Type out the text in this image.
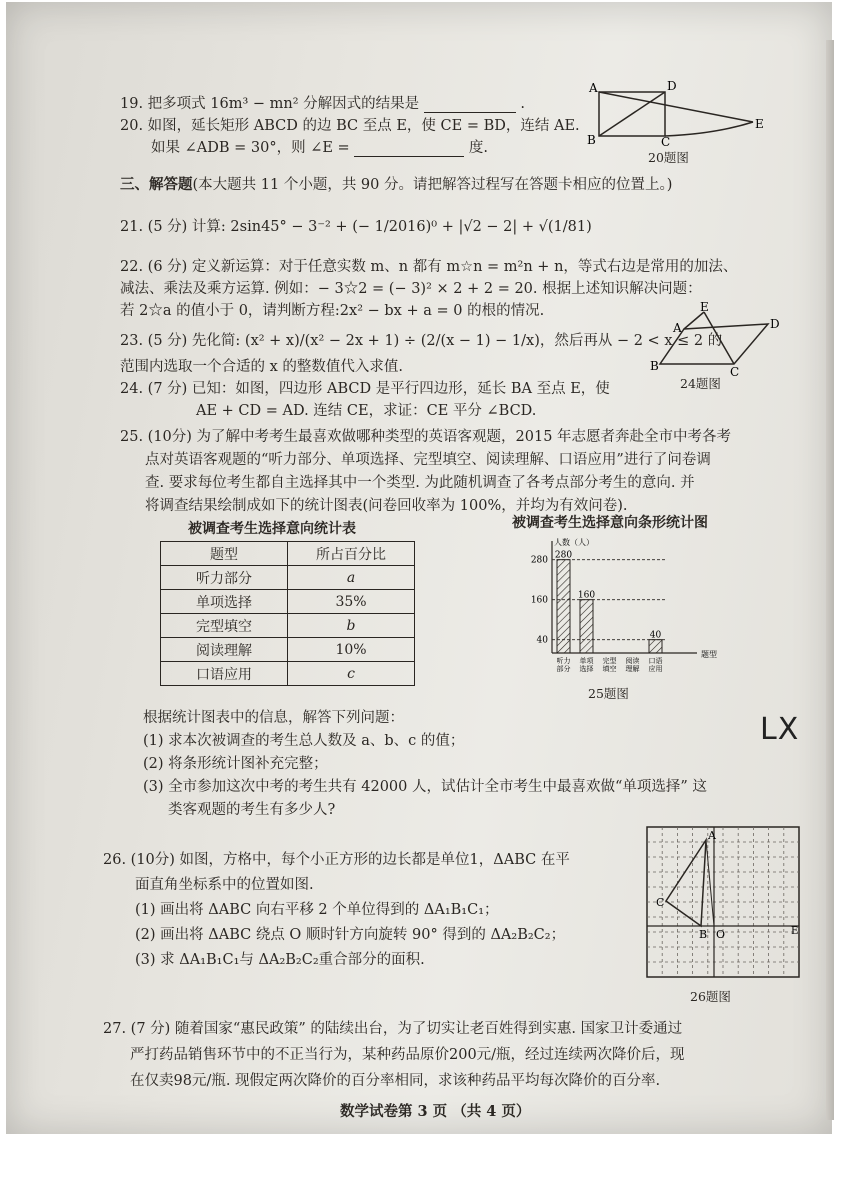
19. 把多项式 16m³ − mn² 分解因式的结果是	.
20. 如图，延长矩形 ABCD 的边 BC 至点 E，使 CE = BD，连结 AE.
如果 ∠ADB = 30°，则 ∠E =	度.
A	D
B	C
E
20题图
三、解答题(本大题共 11 个小题，共 90 分。请把解答过程写在答题卡相应的位置上。)
21. (5 分) 计算: 2sin45° − 3⁻² + (− 1/2016)⁰ + |√2 − 2| + √(1/81)
22. (6 分) 定义新运算：对于任意实数 m、n 都有 m☆n = m²n + n，等式右边是常用的加法、
减法、乘法及乘方运算. 例如：− 3☆2 = (− 3)² × 2 + 2 = 20. 根据上述知识解决问题：
若 2☆a 的值小于 0，请判断方程:2x² − bx + a = 0 的根的情况.
23. (5 分) 先化简: (x² + x)/(x² − 2x + 1) ÷ (2/(x − 1) − 1/x)，然后再从 − 2 < x ≤ 2 的
范围内选取一个合适的 x 的整数值代入求值.
E
A	D
B	C
24题图
24. (7 分) 已知：如图，四边形 ABCD 是平行四边形，延长 BA 至点 E，使
AE + CD = AD. 连结 CE，求证：CE 平分 ∠BCD.
25. (10分) 为了解中考考生最喜欢做哪种类型的英语客观题，2015 年志愿者奔赴全市中考各考
点对英语客观题的“听力部分、单项选择、完型填空、阅读理解、口语应用”进行了问卷调
查. 要求每位考生都自主选择其中一个类型. 为此随机调查了各考点部分考生的意向. 并
将调查结果绘制成如下的统计图表(问卷回收率为 100%，并均为有效问卷).
被调查考生选择意向统计表
题型	所占百分比
听力部分	a
单项选择	35%
完型填空	b
阅读理解	10%
口语应用	c
被调查考生选择意向条形统计图
人数（人）
题型
40
160
280
听力
部分
单项
选择
完型
填空
阅读
理解
口语
应用
280
160
40
25题图
LX
根据统计图表中的信息，解答下列问题：
(1) 求本次被调查的考生总人数及 a、b、c 的值；
(2) 将条形统计图补充完整；
(3) 全市参加这次中考的考生共有 42000 人，试估计全市考生中最喜欢做“单项选择” 这
类客观题的考生有多少人?
26. (10分) 如图，方格中，每个小正方形的边长都是单位1，ΔABC 在平
面直角坐标系中的位置如图.
(1) 画出将 ΔABC 向右平移 2 个单位得到的 ΔA₁B₁C₁；
(2) 画出将 ΔABC 绕点 O 顺时针方向旋转 90° 得到的 ΔA₂B₂C₂；
(3) 求 ΔA₁B₁C₁与 ΔA₂B₂C₂重合部分的面积.
A
C
B O	E
26题图
27. (7 分) 随着国家“惠民政策” 的陆续出台，为了切实让老百姓得到实惠. 国家卫计委通过
严打药品销售环节中的不正当行为，某种药品原价200元/瓶，经过连续两次降价后，现
在仅卖98元/瓶. 现假定两次降价的百分率相同，求该种药品平均每次降价的百分率.
数学试卷第 3 页 （共 4 页）
